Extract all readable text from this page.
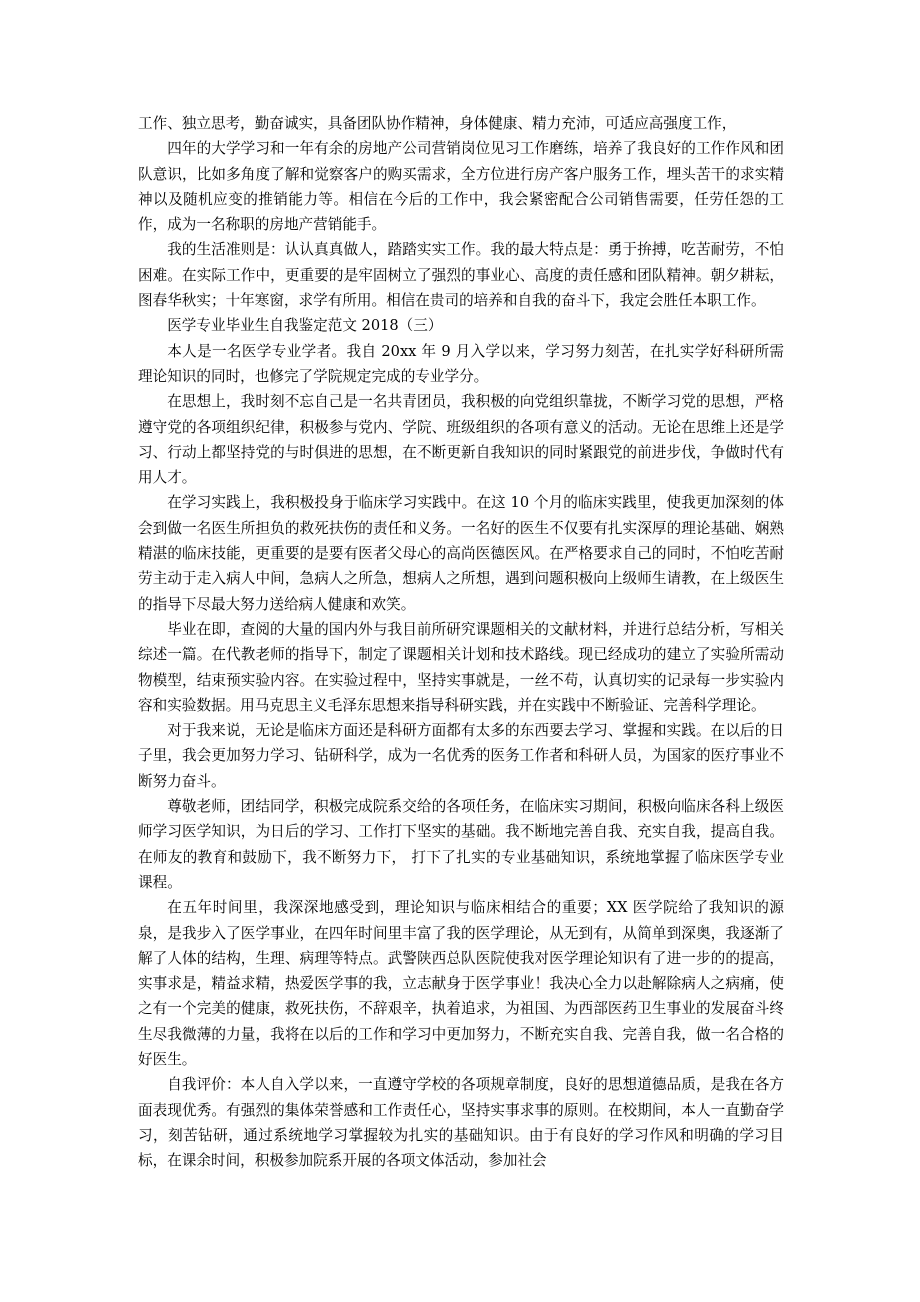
工作、独立思考，勤奋诚实，具备团队协作精神，身体健康、精力充沛，可适应高强度工作，

四年的大学学习和一年有余的房地产公司营销岗位见习工作磨练，培养了我良好的工作作风和团队意识，比如多角度了解和觉察客户的购买需求，全方位进行房产客户服务工作，埋头苦干的求实精神以及随机应变的推销能力等。相信在今后的工作中，我会紧密配合公司销售需要，任劳任怨的工作，成为一名称职的房地产营销能手。

我的生活准则是：认认真真做人，踏踏实实工作。我的最大特点是：勇于拚搏，吃苦耐劳，不怕困难。在实际工作中，更重要的是牢固树立了强烈的事业心、高度的责任感和团队精神。朝夕耕耘，图春华秋实；十年寒窗，求学有所用。相信在贵司的培养和自我的奋斗下，我定会胜任本职工作。

医学专业毕业生自我鉴定范文 2018（三）

本人是一名医学专业学者。我自 20xx 年 9 月入学以来，学习努力刻苦，在扎实学好科研所需理论知识的同时，也修完了学院规定完成的专业学分。

在思想上，我时刻不忘自己是一名共青团员，我积极的向党组织靠拢，不断学习党的思想，严格遵守党的各项组织纪律，积极参与党内、学院、班级组织的各项有意义的活动。无论在思维上还是学习、行动上都坚持党的与时俱进的思想，在不断更新自我知识的同时紧跟党的前进步伐，争做时代有用人才。

在学习实践上，我积极投身于临床学习实践中。在这 10 个月的临床实践里，使我更加深刻的体会到做一名医生所担负的救死扶伤的责任和义务。一名好的医生不仅要有扎实深厚的理论基础、娴熟精湛的临床技能，更重要的是要有医者父母心的高尚医德医风。在严格要求自己的同时，不怕吃苦耐劳主动于走入病人中间，急病人之所急，想病人之所想，遇到问题积极向上级师生请教，在上级医生的指导下尽最大努力送给病人健康和欢笑。

毕业在即，查阅的大量的国内外与我目前所研究课题相关的文献材料，并进行总结分析，写相关综述一篇。在代教老师的指导下，制定了课题相关计划和技术路线。现已经成功的建立了实验所需动物模型，结束预实验内容。在实验过程中，坚持实事就是，一丝不苟，认真切实的记录每一步实验内容和实验数据。用马克思主义毛泽东思想来指导科研实践，并在实践中不断验证、完善科学理论。

对于我来说，无论是临床方面还是科研方面都有太多的东西要去学习、掌握和实践。在以后的日子里，我会更加努力学习、钻研科学，成为一名优秀的医务工作者和科研人员，为国家的医疗事业不断努力奋斗。

尊敬老师，团结同学，积极完成院系交给的各项任务，在临床实习期间，积极向临床各科上级医师学习医学知识，为日后的学习、工作打下坚实的基础。我不断地完善自我、充实自我，提高自我。在师友的教育和鼓励下，我不断努力下， 打下了扎实的专业基础知识，系统地掌握了临床医学专业课程。

在五年时间里，我深深地感受到，理论知识与临床相结合的重要；XX 医学院给了我知识的源泉，是我步入了医学事业，在四年时间里丰富了我的医学理论，从无到有，从简单到深奥，我逐渐了解了人体的结构，生理、病理等特点。武警陕西总队医院使我对医学理论知识有了进一步的的提高，实事求是，精益求精，热爱医学事的我，立志献身于医学事业！我决心全力以赴解除病人之病痛，使之有一个完美的健康，救死扶伤，不辞艰辛，执着追求，为祖国、为西部医药卫生事业的发展奋斗终生尽我微薄的力量，我将在以后的工作和学习中更加努力，不断充实自我、完善自我，做一名合格的好医生。

自我评价：本人自入学以来，一直遵守学校的各项规章制度，良好的思想道德品质，是我在各方面表现优秀。有强烈的集体荣誉感和工作责任心，坚持实事求事的原则。在校期间，本人一直勤奋学习，刻苦钻研，通过系统地学习掌握较为扎实的基础知识。由于有良好的学习作风和明确的学习目标，在课余时间，积极参加院系开展的各项文体活动，参加社会
